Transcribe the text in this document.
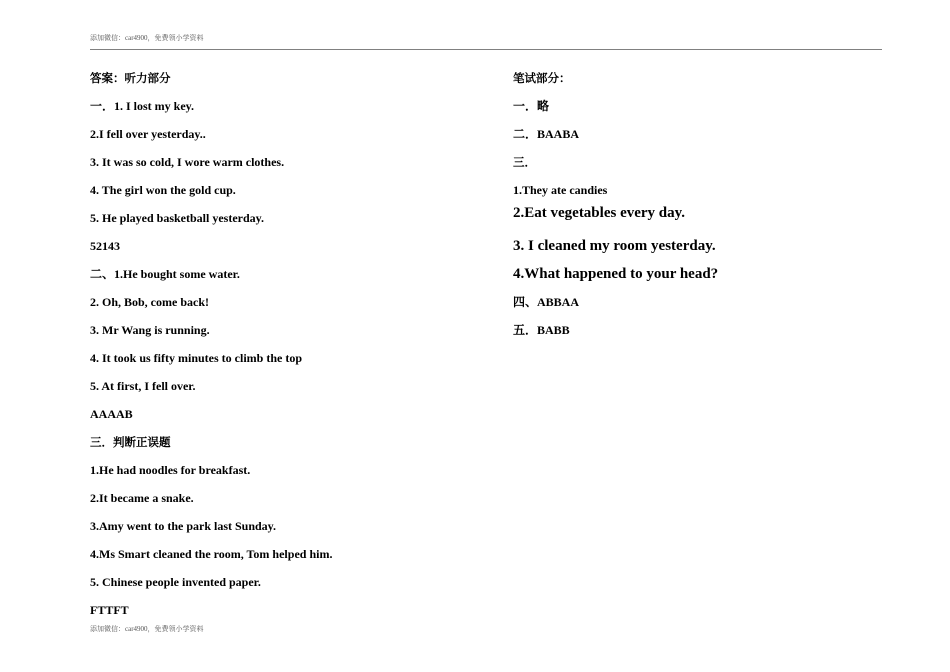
添加微信：car4900，免费领小学资料
答案：听力部分
一．1. I lost my key.
2.I fell over yesterday..
3. It was so cold, I wore warm clothes.
4. The girl won the gold cup.
5. He played basketball yesterday.
52143
二、1.He bought some water.
2. Oh, Bob, come back!
3. Mr Wang is running.
4. It took us fifty minutes to climb the top
5. At first, I fell over.
AAAAB
三．判断正误题
1.He had noodles for breakfast.
2.It became a snake.
3.Amy went to the park last Sunday.
4.Ms Smart cleaned the room, Tom helped him.
5. Chinese people invented paper.
FTTFT
笔试部分：
一．略
二．BAABA
三．
1.They ate candies
2.Eat vegetables every day.
3. I cleaned my room yesterday.
4.What happened to your head?
四、ABBAA
五．BABB
添加微信：car4900，免费领小学资料
